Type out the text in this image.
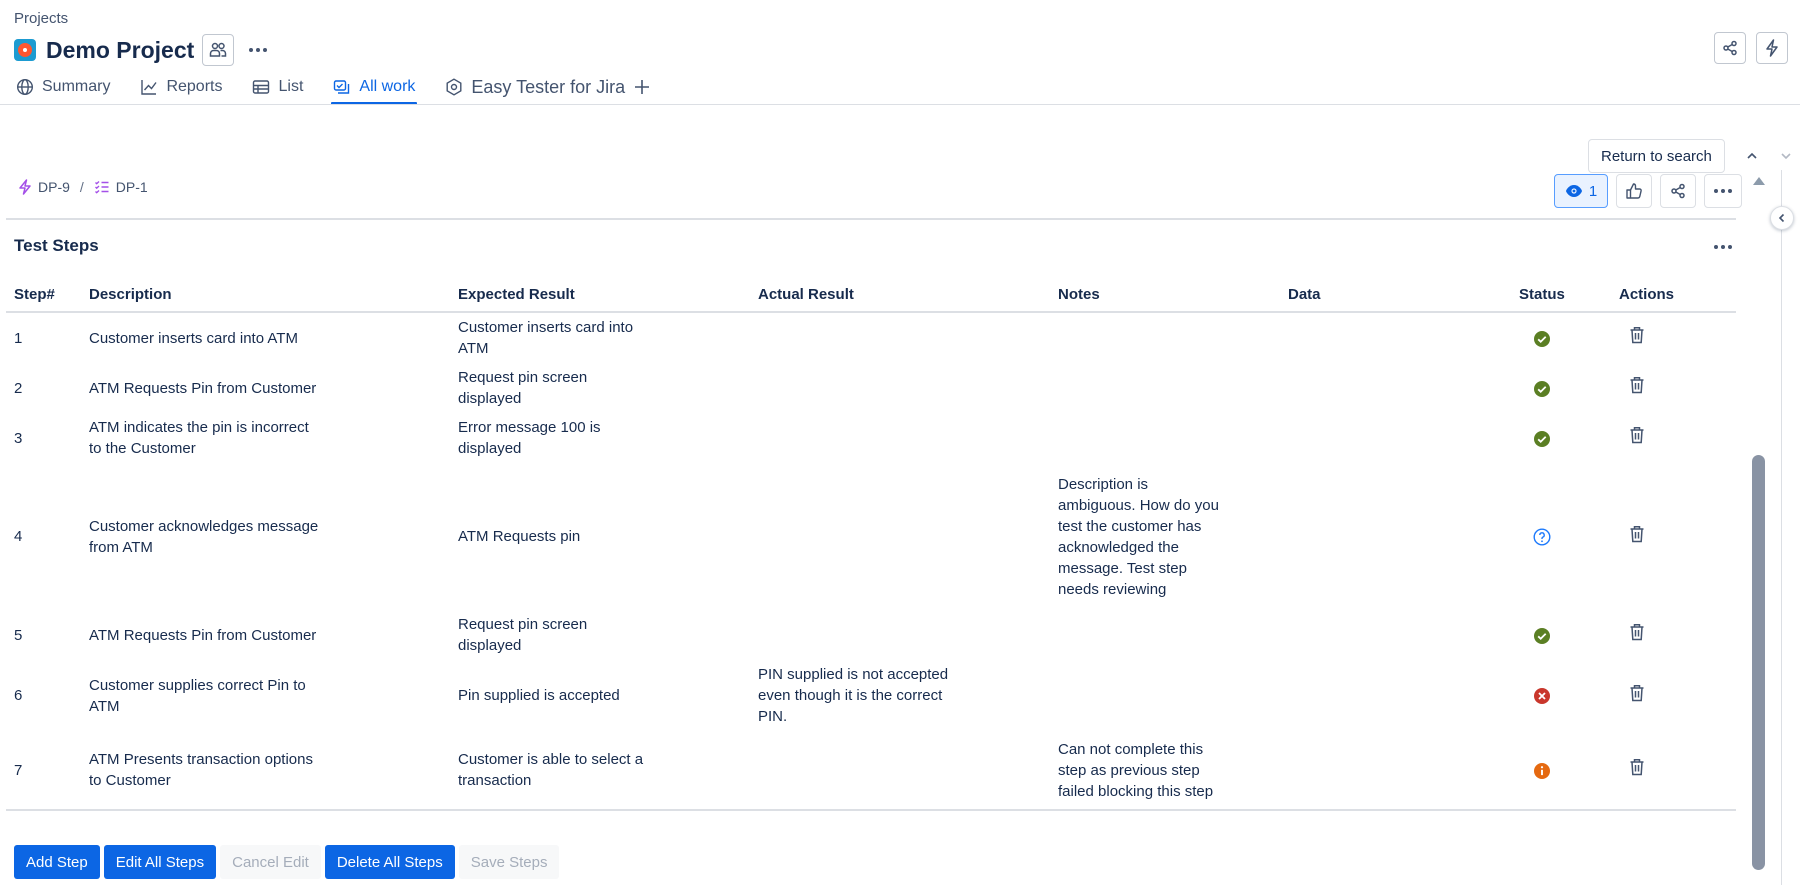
Projects
Demo Project
Summary	Reports	List	All work	Easy Tester for Jira
Return to search
DP-9 / DP-1	1
Test Steps
Step#	Description	Expected Result	Actual Result	Notes	Data	Status	Actions

1	Customer inserts card into ATM	Customer inserts card into ATM

2	ATM Requests Pin from Customer	Request pin screen displayed

3	ATM indicates the pin is incorrect to the Customer	Error message 100 is displayed

4	Customer acknowledges message from ATM	ATM Requests pin		Description is ambiguous. How do you test the customer has acknowledged the message. Test step needs reviewing

5	ATM Requests Pin from Customer	Request pin screen displayed

6	Customer supplies correct Pin to ATM	Pin supplied is accepted	PIN supplied is not accepted even though it is the correct PIN.

7	ATM Presents transaction options to Customer	Customer is able to select a transaction		Can not complete this step as previous step failed blocking this step

Add Step	Edit All Steps	Cancel Edit	Delete All Steps	Save Steps
